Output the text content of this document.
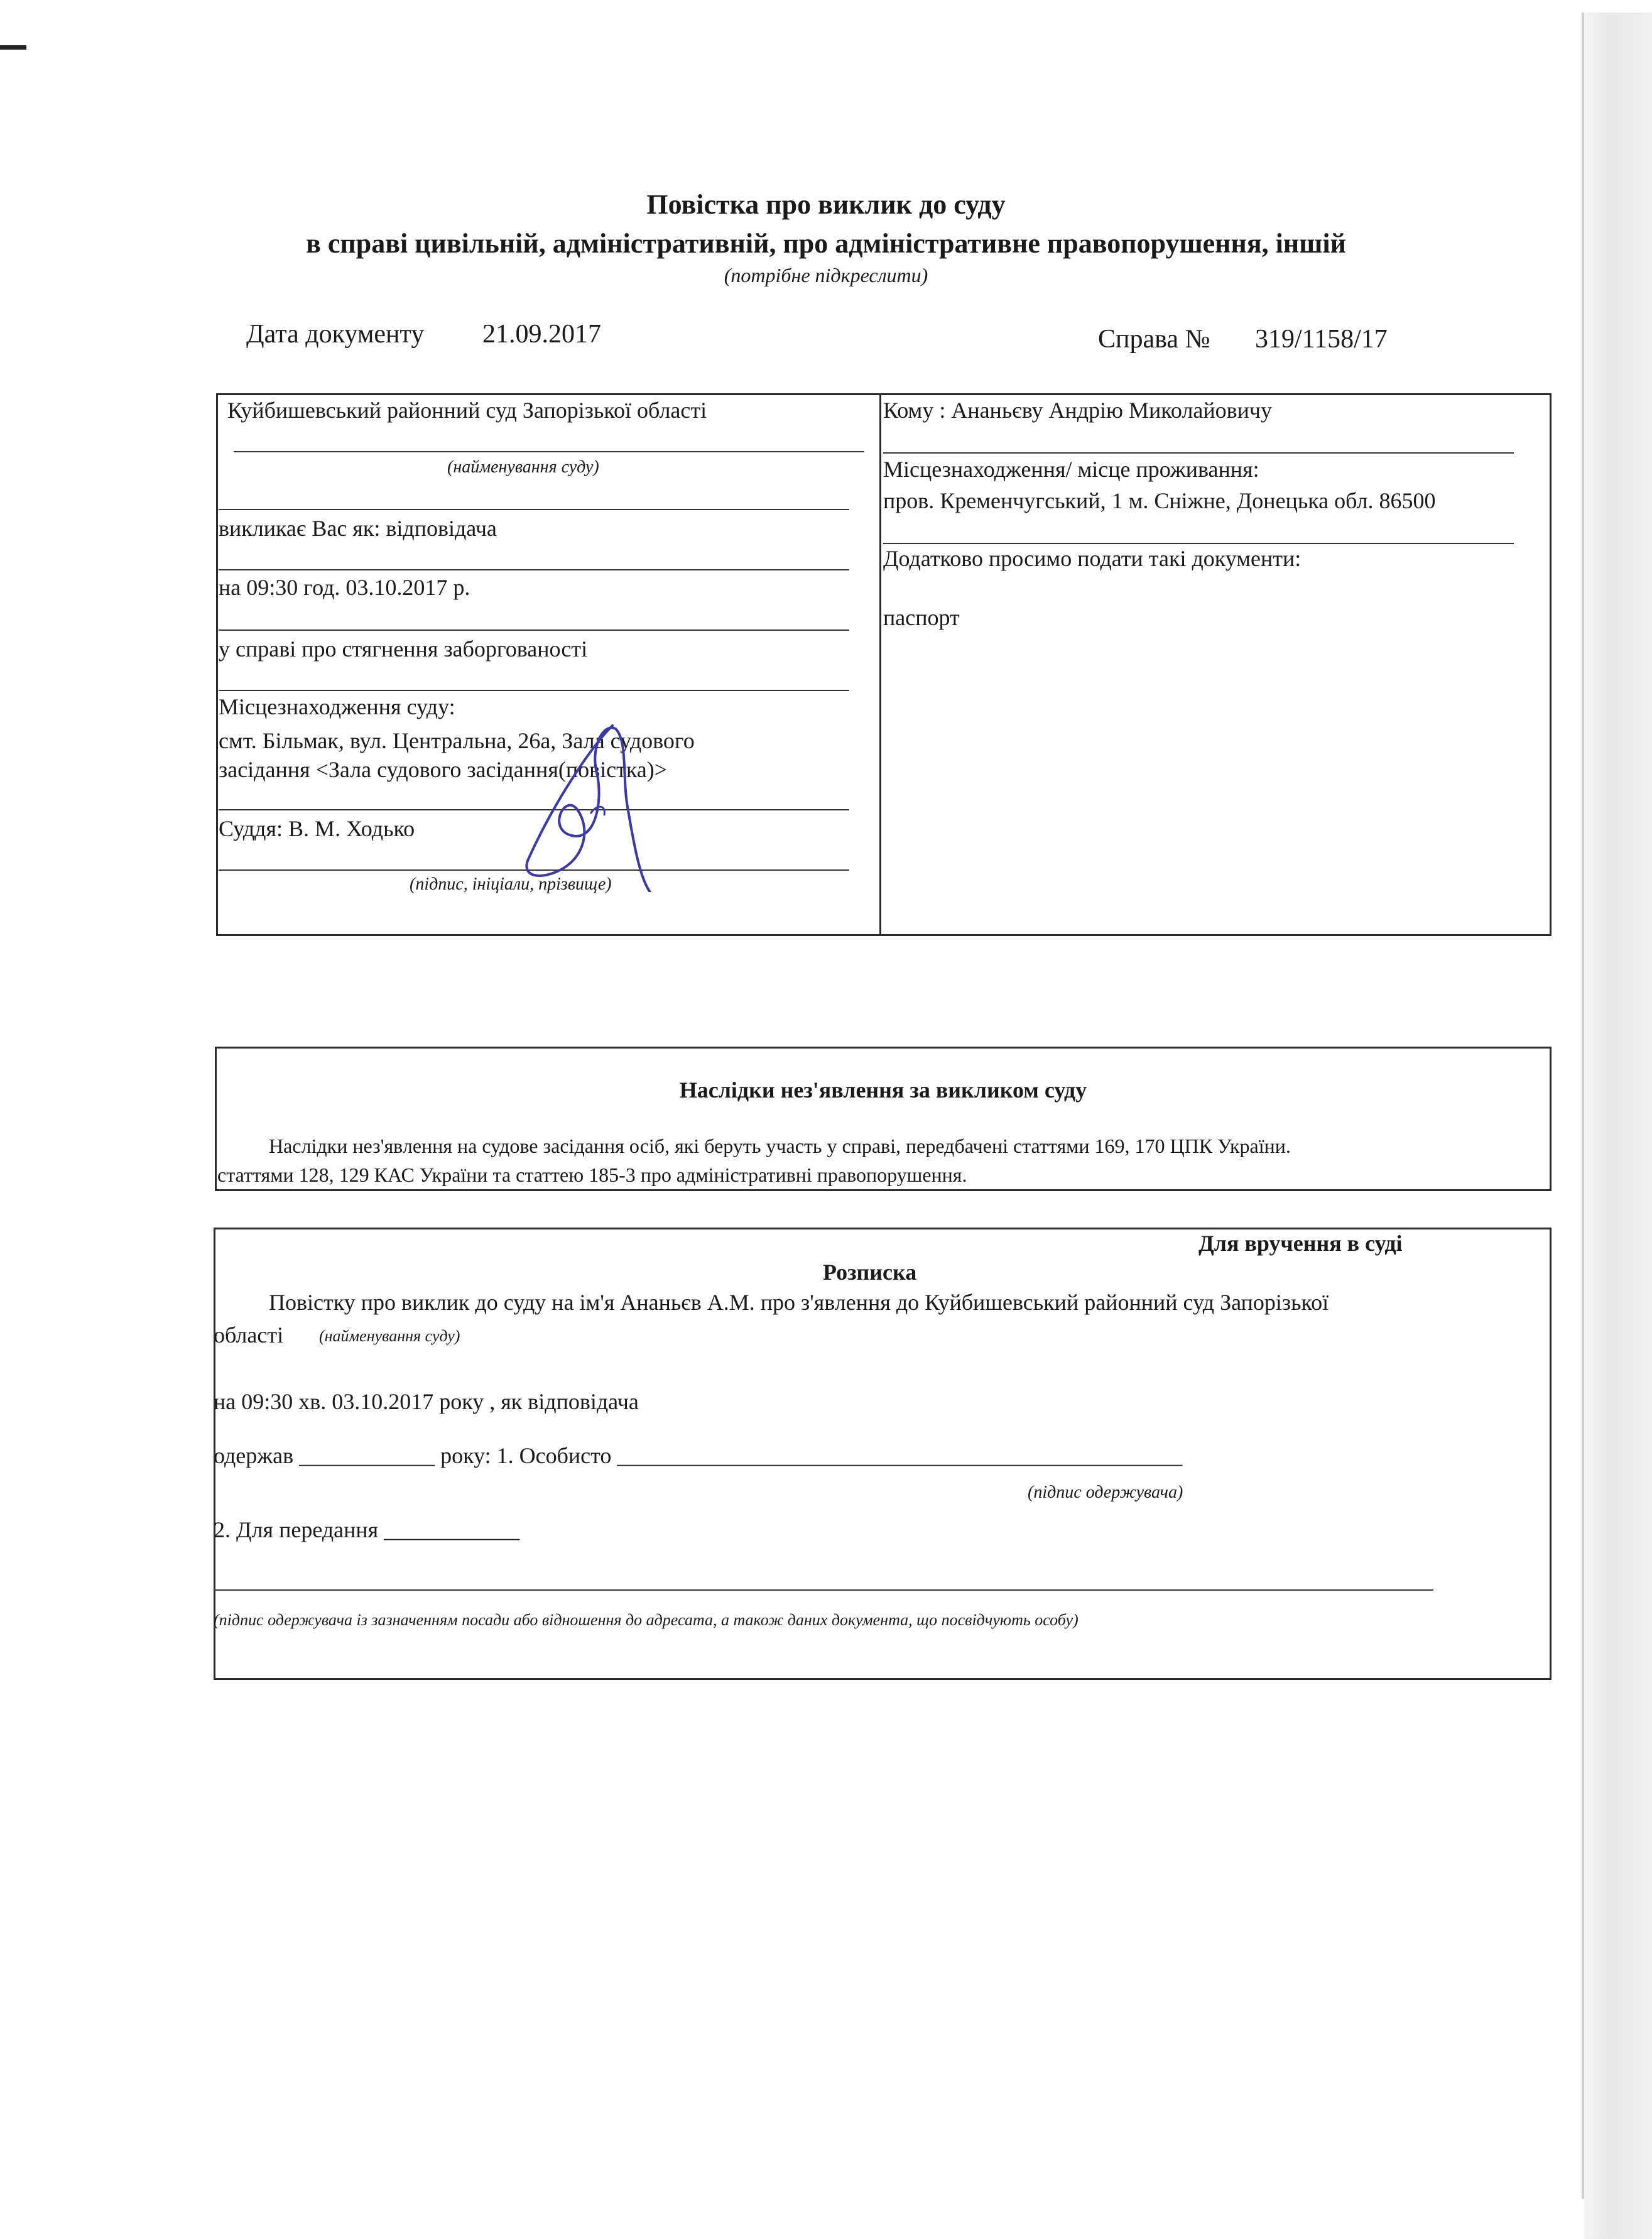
Повістка про виклик до суду
в справі цивільній, адміністративній, про адміністративне правопорушення, іншій
(потрібне підкреслити)
Дата документу 21.09.2017	Справа № 319/1158/17
Куйбишевський районний суд Запорізької області
(найменування суду)
викликає Вас як: відповідача
на 09:30 год. 03.10.2017 р.
у справі про стягнення заборгованості
Місцезнаходження суду:
смт. Більмак, вул. Центральна, 26а, Зала судового
засідання <Зала судового засідання(повістка)>
Суддя: В. М. Ходько
(підпис, ініціали, прізвище)
Кому : Ананьєву Андрію Миколайовичу
Місцезнаходження/ місце проживання:
пров. Кременчугський, 1 м. Сніжне, Донецька обл. 86500
Додатково просимо подати такі документи:
паспорт
Наслідки нез'явлення за викликом суду
Наслідки нез'явлення на судове засідання осіб, які беруть участь у справі, передбачені статтями 169, 170 ЦПК України.
статтями 128, 129 КАС України та статтею 185-3 про адміністративні правопорушення.
Для вручення в суді
Розписка
Повістку про виклик до суду на ім'я Ананьєв А.М. про з'явлення до Куйбишевський районний суд Запорізької
області (найменування суду)
на 09:30 хв. 03.10.2017 року , як відповідача
одержав ____________ року: 1. Особисто __________________________________________________
(підпис одержувача)
2. Для передання ____________
(підпис одержувача із зазначенням посади або відношення до адресата, а також даних документа, що посвідчують особу)
